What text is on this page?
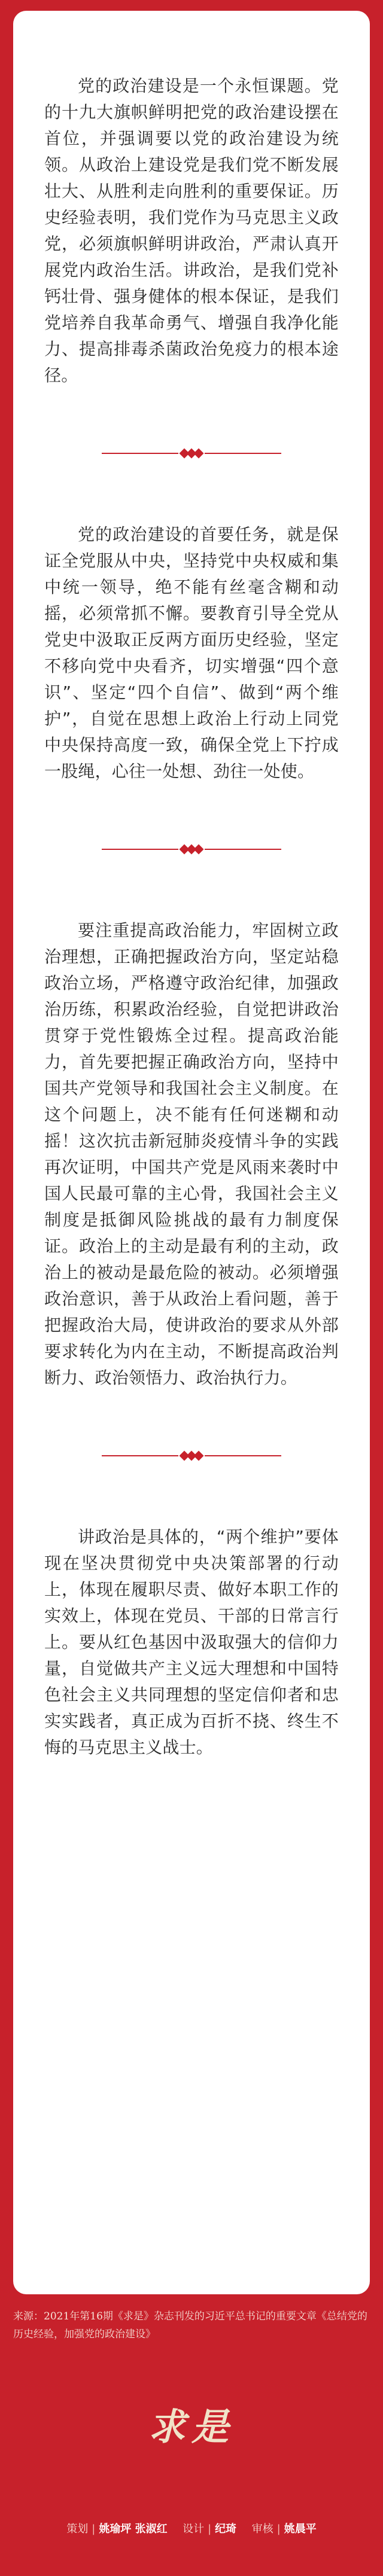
党的政治建设是一个永恒课题。党的十九大旗帜鲜明把党的政治建设摆在首位，并强调要以党的政治建设为统领。从政治上建设党是我们党不断发展壮大、从胜利走向胜利的重要保证。历史经验表明，我们党作为马克思主义政党，必须旗帜鲜明讲政治，严肃认真开展党内政治生活。讲政治，是我们党补钙壮骨、强身健体的根本保证，是我们党培养自我革命勇气、增强自我净化能力、提高排毒杀菌政治免疫力的根本途径。

党的政治建设的首要任务，就是保证全党服从中央，坚持党中央权威和集中统一领导，绝不能有丝毫含糊和动摇，必须常抓不懈。要教育引导全党从党史中汲取正反两方面历史经验，坚定不移向党中央看齐，切实增强“四个意识”、坚定“四个自信”、做到“两个维护”，自觉在思想上政治上行动上同党中央保持高度一致，确保全党上下拧成一股绳，心往一处想、劲往一处使。

要注重提高政治能力，牢固树立政治理想，正确把握政治方向，坚定站稳政治立场，严格遵守政治纪律，加强政治历练，积累政治经验，自觉把讲政治贯穿于党性锻炼全过程。提高政治能力，首先要把握正确政治方向，坚持中国共产党领导和我国社会主义制度。在这个问题上，决不能有任何迷糊和动摇！这次抗击新冠肺炎疫情斗争的实践再次证明，中国共产党是风雨来袭时中国人民最可靠的主心骨，我国社会主义制度是抵御风险挑战的最有力制度保证。政治上的主动是最有利的主动，政治上的被动是最危险的被动。必须增强政治意识，善于从政治上看问题，善于把握政治大局，使讲政治的要求从外部要求转化为内在主动，不断提高政治判断力、政治领悟力、政治执行力。

讲政治是具体的，“两个维护”要体现在坚决贯彻党中央决策部署的行动上，体现在履职尽责、做好本职工作的实效上，体现在党员、干部的日常言行上。要从红色基因中汲取强大的信仰力量，自觉做共产主义远大理想和中国特色社会主义共同理想的坚定信仰者和忠实实践者，真正成为百折不挠、终生不悔的马克思主义战士。

来源：2021年第16期《求是》杂志刊发的习近平总书记的重要文章《总结党的历史经验，加强党的政治建设》

求是
策划 | 姚瑜坪 张淑红 设计 | 纪琦 审核 | 姚晨平
